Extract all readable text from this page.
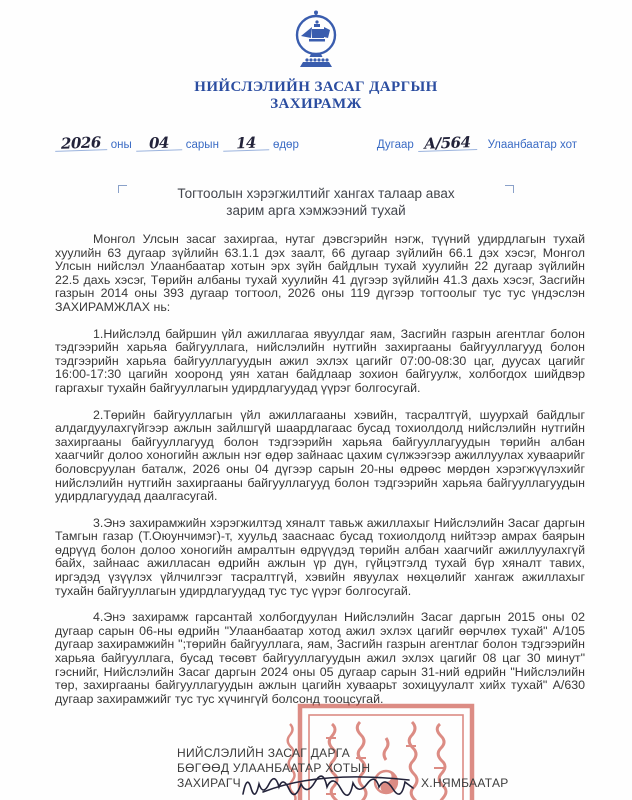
НИЙСЛЭЛИЙН ЗАСАГ ДАРГЫН
ЗАХИРАМЖ
2026 оны	04	сарын	14	өдөр	Дугаар А/564	Улаанбаатар хот
Тогтоолын хэрэгжилтийг хангах талаар авах
зарим арга хэмжээний тухай

Монгол Улсын засаг захиргаа, нутаг дэвсгэрийн нэгж, түүний удирдлагын тухай хуулийн 63 дугаар зүйлийн 63.1.1 дэх заалт, 66 дугаар зүйлийн 66.1 дэх хэсэг, Монгол Улсын нийслэл Улаанбаатар хотын эрх зүйн байдлын тухай хуулийн 22 дугаар зүйлийн 22.5 дахь хэсэг, Төрийн албаны тухай хуулийн 41 дүгээр зүйлийн 41.3 дахь хэсэг, Засгийн газрын 2014 оны 393 дугаар тогтоол, 2026 оны 119 дүгээр тогтоолыг тус тус үндэслэн ЗАХИРАМЖЛАХ нь:

1.Нийслэлд байршин үйл ажиллагаа явуулдаг яам, Засгийн газрын агентлаг болон тэдгээрийн харьяа байгууллага, нийслэлийн нутгийн захиргааны байгууллагууд болон тэдгээрийн харьяа байгууллагуудын ажил эхлэх цагийг 07:00-08:30 цаг, дуусах цагийг 16:00-17:30 цагийн хооронд уян хатан байдлаар зохион байгуулж, холбогдох шийдвэр гаргахыг тухайн байгууллагын удирдлагуудад үүрэг болгосугай.

2.Төрийн байгууллагын үйл ажиллагааны хэвийн, тасралтгүй, шуурхай байдлыг алдагдуулахгүйгээр ажлын зайлшгүй шаардлагаас бусад тохиолдолд нийслэлийн нутгийн захиргааны байгууллагууд болон тэдгээрийн харьяа байгууллагуудын төрийн албан хаагчийг долоо хоногийн ажлын нэг өдөр зайнаас цахим сүлжээгээр ажиллуулах хуваарийг боловсруулан баталж, 2026 оны 04 дүгээр сарын 20-ны өдрөөс мөрдөн хэрэгжүүлэхийг нийслэлийн нутгийн захиргааны байгууллагууд болон тэдгээрийн харьяа байгууллагуудын удирдлагуудад даалгасугай.

3.Энэ захирамжийн хэрэгжилтэд хяналт тавьж ажиллахыг Нийслэлийн Засаг даргын Тамгын газар (Т.Оюунчимэг)-т, хуульд зааснаас бусад тохиолдолд нийтээр амрах баярын өдрүүд болон долоо хоногийн амралтын өдрүүдэд төрийн албан хаагчийг ажиллуулахгүй байх, зайнаас ажилласан өдрийн ажлын үр дүн, гүйцэтгэлд тухай бүр хяналт тавих, иргэдэд үзүүлэх үйлчилгээг тасралтгүй, хэвийн явуулах нөхцөлийг хангаж ажиллахыг тухайн байгууллагын удирдлагуудад тус тус үүрэг болгосугай.

4.Энэ захирамж гарсантай холбогдуулан Нийслэлийн Засаг даргын 2015 оны 02 дугаар сарын 06-ны өдрийн "Улаанбаатар хотод ажил эхлэх цагийг өөрчлөх тухай" А/105 дугаар захирамжийн ";төрийн байгууллага, яам, Засгийн газрын агентлаг болон тэдгээрийн харьяа байгууллага, бусад төсөвт байгууллагуудын ажил эхлэх цагийг 08 цаг 30 минут" гэснийг, Нийслэлийн Засаг даргын 2024 оны 05 дугаар сарын 31-ний өдрийн "Нийслэлийн төр, захиргааны байгууллагуудын ажлын цагийн хуваарьт зохицуулалт хийх тухай" А/630 дугаар захирамжийг тус тус хүчингүй болсонд тооцсугай.

НИЙСЛЭЛИЙН ЗАСАГ ДАРГА
БӨГӨӨД УЛААНБААТАР ХОТЫН
ЗАХИРАГЧ	Х.НЯМБААТАР
